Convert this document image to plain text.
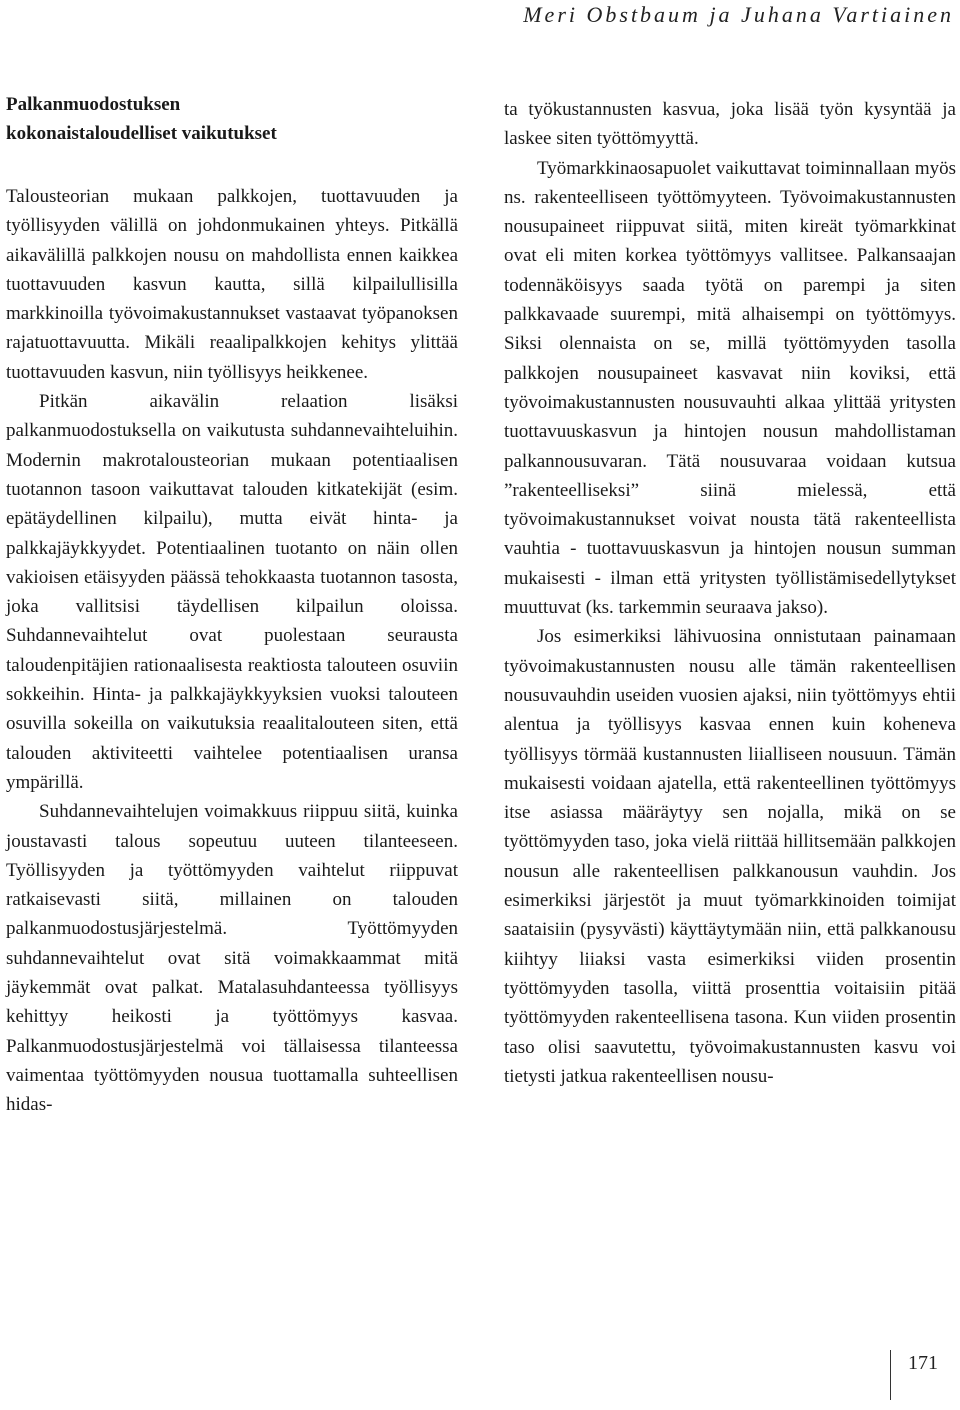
Meri Obstbaum ja Juhana Vartiainen
Palkanmuodostuksen
kokonaistaloudelliset vaikutukset

Talousteorian mukaan palkkojen, tuottavuuden ja työllisyyden välillä on johdonmukainen yhteys. Pitkällä aikavälillä palkkojen nousu on mahdollista ennen kaikkea tuottavuuden kasvun kautta, sillä kilpailullisilla markkinoilla työvoimakustannukset vastaavat työpanoksen rajatuottavuutta. Mikäli reaalipalkkojen kehitys ylittää tuottavuuden kasvun, niin työllisyys heikkenee.

Pitkän aikavälin relaation lisäksi palkanmuodostuksella on vaikutusta suhdannevaihteluihin. Modernin makrotalousteorian mukaan potentiaalisen tuotannon tasoon vaikuttavat talouden kitkatekijät (esim. epätäydellinen kilpailu), mutta eivät hinta- ja palkkajäykkyydet. Potentiaalinen tuotanto on näin ollen vakioisen etäisyyden päässä tehokkaasta tuotannon tasosta, joka vallitsisi täydellisen kilpailun oloissa. Suhdannevaihtelut ovat puolestaan seurausta taloudenpitäjien rationaalisesta reaktiosta talouteen osuviin sokkeihin. Hinta- ja palkkajäykkyyksien vuoksi talouteen osuvilla sokeilla on vaikutuksia reaalitalouteen siten, että talouden aktiviteetti vaihtelee potentiaalisen uransa ympärillä.

Suhdannevaihtelujen voimakkuus riippuu siitä, kuinka joustavasti talous sopeutuu uuteen tilanteeseen. Työllisyyden ja työttömyyden vaihtelut riippuvat ratkaisevasti siitä, millainen on talouden palkanmuodostusjärjestelmä. Työttömyyden suhdannevaihtelut ovat sitä voimakkaammat mitä jäykemmät ovat palkat. Matalasuhdanteessa työllisyys kehittyy heikosti ja työttömyys kasvaa. Palkanmuodostusjärjestelmä voi tällaisessa tilanteessa vaimentaa työttömyyden nousua tuottamalla suhteellisen hidas-

ta työkustannusten kasvua, joka lisää työn kysyntää ja laskee siten työttömyyttä.

Työmarkkinaosapuolet vaikuttavat toiminnallaan myös ns. rakenteelliseen työttömyyteen. Työvoimakustannusten nousupaineet riippuvat siitä, miten kireät työmarkkinat ovat eli miten korkea työttömyys vallitsee. Palkansaajan todennäköisyys saada työtä on parempi ja siten palkkavaade suurempi, mitä alhaisempi on työttömyys. Siksi olennaista on se, millä työttömyyden tasolla palkkojen nousupaineet kasvavat niin koviksi, että työvoimakustannusten nousuvauhti alkaa ylittää yritysten tuottavuuskasvun ja hintojen nousun mahdollistaman palkannousuvaran. Tätä nousuvaraa voidaan kutsua ”rakenteelliseksi” siinä mielessä, että työvoimakustannukset voivat nousta tätä rakenteellista vauhtia - tuottavuuskasvun ja hintojen nousun summan mukaisesti - ilman että yritysten työllistämisedellytykset muuttuvat (ks. tarkemmin seuraava jakso).

Jos esimerkiksi lähivuosina onnistutaan painamaan työvoimakustannusten nousu alle tämän rakenteellisen nousuvauhdin useiden vuosien ajaksi, niin työttömyys ehtii alentua ja työllisyys kasvaa ennen kuin koheneva työllisyys törmää kustannusten liialliseen nousuun. Tämän mukaisesti voidaan ajatella, että rakenteellinen työttömyys itse asiassa määräytyy sen nojalla, mikä on se työttömyyden taso, joka vielä riittää hillitsemään palkkojen nousun alle rakenteellisen palkkanousun vauhdin. Jos esimerkiksi järjestöt ja muut työmarkkinoiden toimijat saataisiin (pysyvästi) käyttäytymään niin, että palkkanousu kiihtyy liiaksi vasta esimerkiksi viiden prosentin työttömyyden tasolla, viittä prosenttia voitaisiin pitää työttömyyden rakenteellisena tasona. Kun viiden prosentin taso olisi saavutettu, työvoimakustannusten kasvu voi tietysti jatkua rakenteellisen nousu-

171
